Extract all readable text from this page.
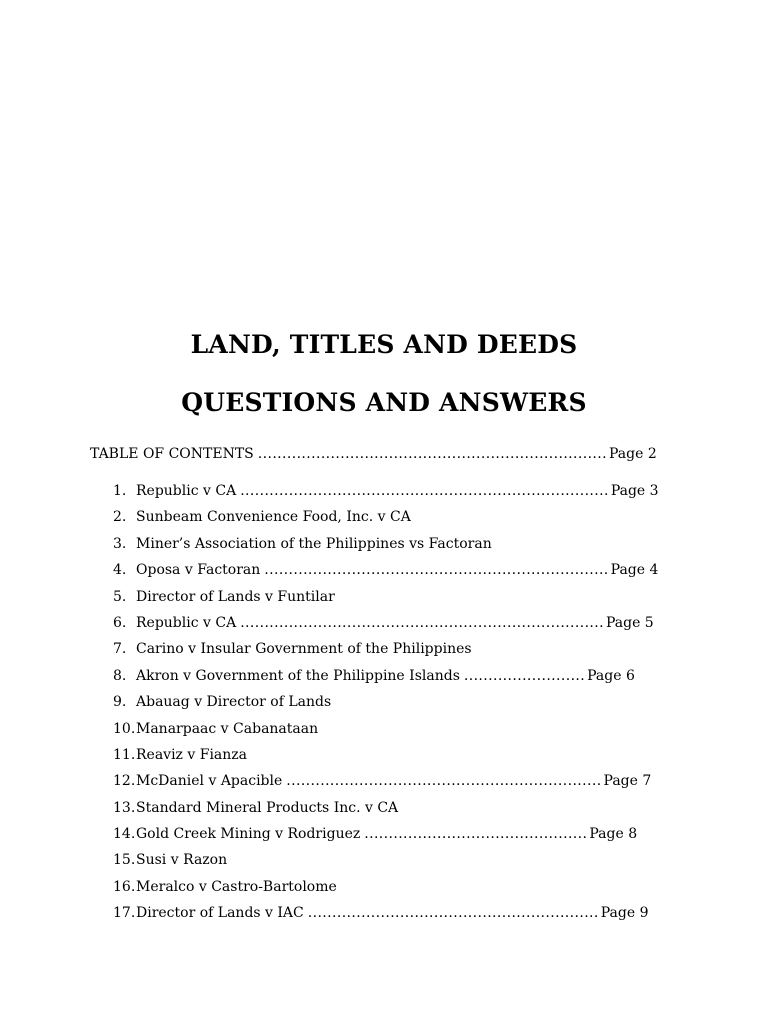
LAND, TITLES AND DEEDS
QUESTIONS AND ANSWERS
TABLE OF CONTENTS ........................................................................ Page 2
1. Republic v CA ............................................................................ Page 3
2. Sunbeam Convenience Food, Inc. v CA
3. Miner’s Association of the Philippines vs Factoran
4. Oposa v Factoran ....................................................................... Page 4
5. Director of Lands v Funtilar
6. Republic v CA ........................................................................... Page 5
7. Carino v Insular Government of the Philippines
8. Akron v Government of the Philippine Islands ......................... Page 6
9. Abauag v Director of Lands
10. Manarpaac v Cabanataan
11. Reaviz v Fianza
12. McDaniel v Apacible ................................................................. Page 7
13. Standard Mineral Products Inc. v CA
14. Gold Creek Mining v Rodriguez .............................................. Page 8
15. Susi v Razon
16. Meralco v Castro-Bartolome
17. Director of Lands v IAC ............................................................ Page 9
